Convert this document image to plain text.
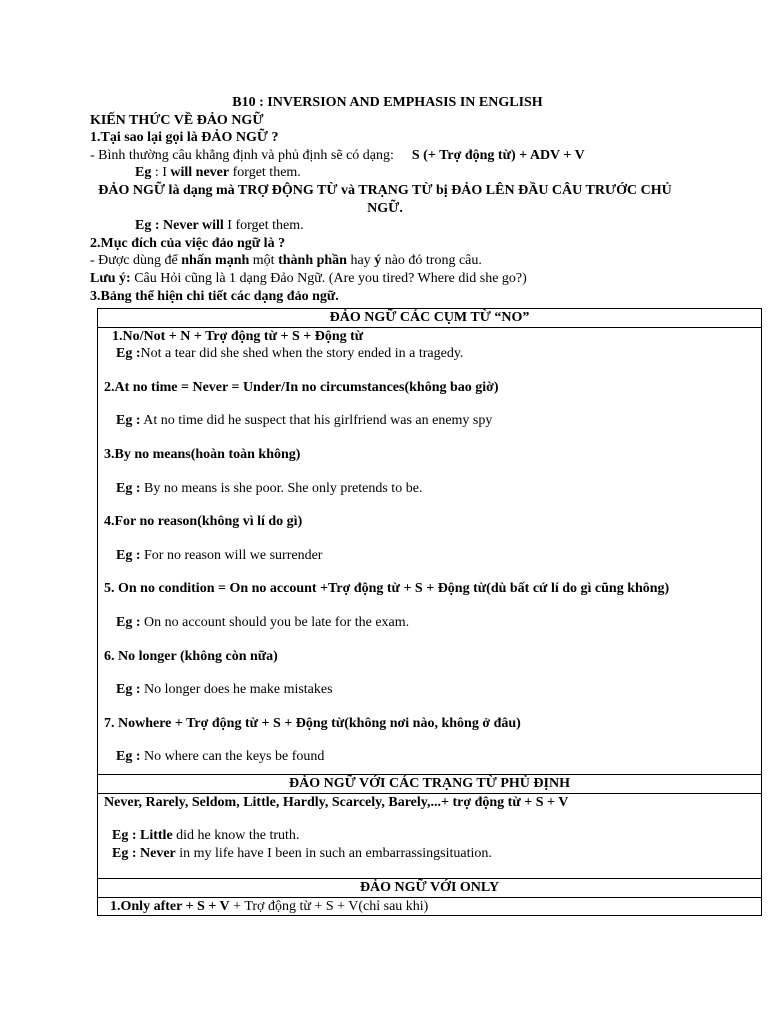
B10 : INVERSION AND EMPHASIS IN ENGLISH
KIẾN THỨC VỀ ĐẢO NGỮ
1.Tại sao lại gọi là ĐẢO NGỮ ?
- Bình thường câu khẳng định và phủ định sẽ có dạng: S (+ Trợ động từ) + ADV + V
Eg : I will never forget them.
ĐẢO NGỮ là dạng mà TRỢ ĐỘNG TỪ và TRẠNG TỪ bị ĐẢO LÊN ĐẦU CÂU TRƯỚC CHỦ NGỮ.
Eg : Never will I forget them.
2.Mục đích của việc đảo ngữ là ?
- Được dùng để nhấn mạnh một thành phần hay ý nào đó trong câu.
Lưu ý: Câu Hỏi cũng là 1 dạng Đảo Ngữ. (Are you tired? Where did she go?)
3.Bảng thể hiện chi tiết các dạng đảo ngữ.
ĐẢO NGỮ CÁC CỤM TỪ “NO”

1.No/Not + N + Trợ động từ + S + Động từ
Eg :Not a tear did she shed when the story ended in a tragedy.
2.At no time = Never = Under/In no circumstances(không bao giờ)
Eg : At no time did he suspect that his girlfriend was an enemy spy
3.By no means(hoàn toàn không)
Eg : By no means is she poor. She only pretends to be.
4.For no reason(không vì lí do gì)
Eg : For no reason will we surrender
5. On no condition = On no account +Trợ động từ + S + Động từ(dù bất cứ lí do gì cũng không)
Eg : On no account should you be late for the exam.
6. No longer (không còn nữa)
Eg : No longer does he make mistakes
7. Nowhere + Trợ động từ + S + Động từ(không nơi nào, không ở đâu)
Eg : No where can the keys be found

ĐẢO NGỮ VỚI CÁC TRẠNG TỪ PHỦ ĐỊNH

Never, Rarely, Seldom, Little, Hardly, Scarcely, Barely,...+ trợ động từ + S + V
Eg : Little did he know the truth.
Eg : Never in my life have I been in such an embarrassingsituation.

ĐẢO NGỮ VỚI ONLY

1.Only after + S + V + Trợ động từ + S + V(chỉ sau khi)
